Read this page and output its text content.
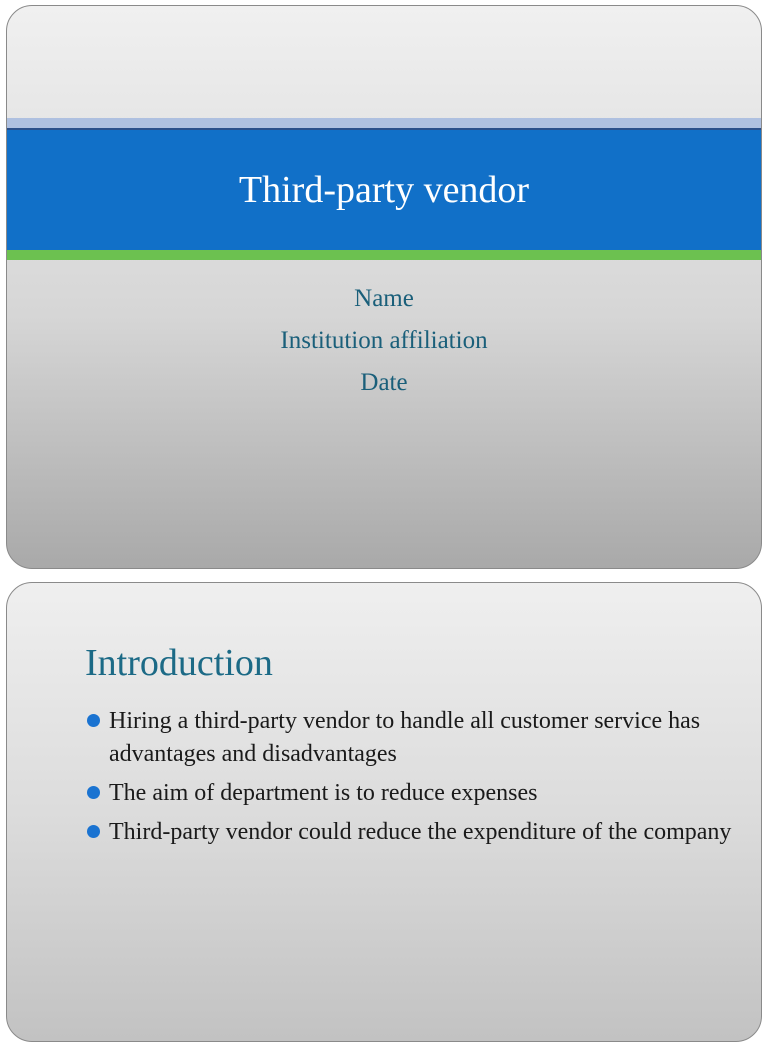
Third-party vendor
Name
Institution affiliation
Date
Introduction
Hiring a third-party vendor to handle all customer service has advantages and disadvantages
The aim of department is to reduce expenses
Third-party vendor could reduce the expenditure of the company
